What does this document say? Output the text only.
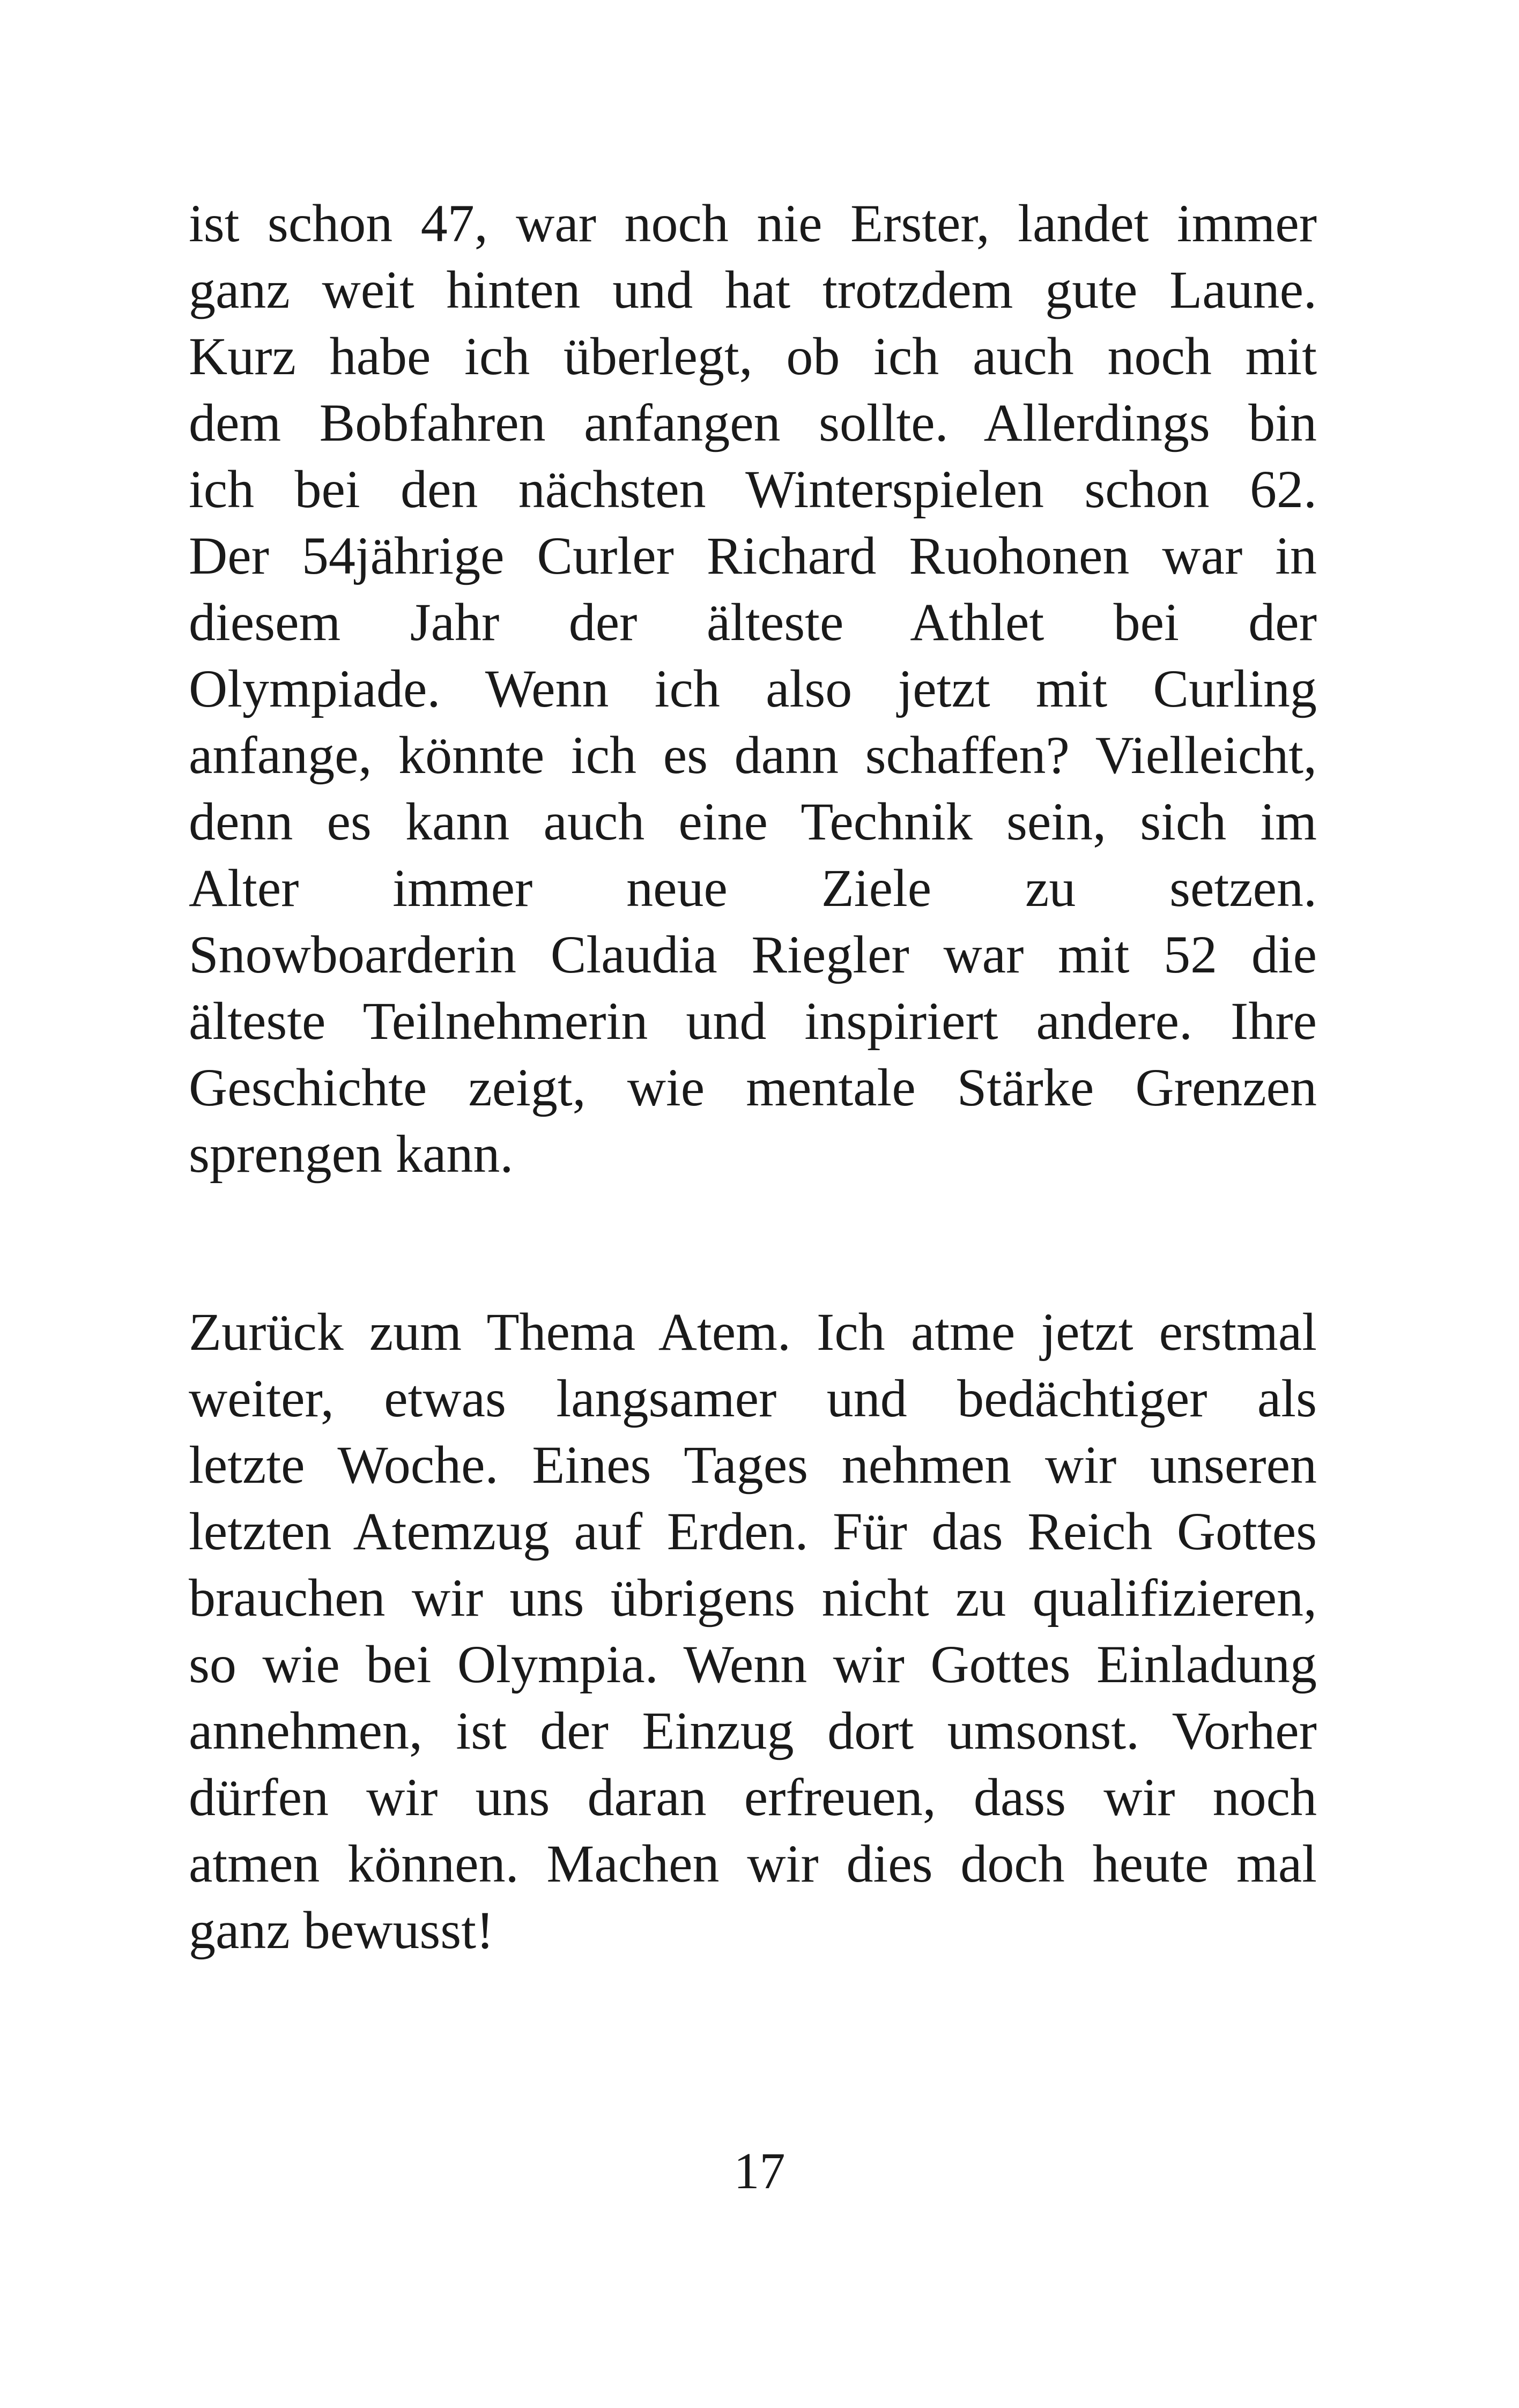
ist schon 47, war noch nie Erster, landet immer
ganz weit hinten und hat trotzdem gute Laune.
Kurz habe ich überlegt, ob ich auch noch mit
dem Bobfahren anfangen sollte. Allerdings bin
ich bei den nächsten Winterspielen schon 62.
Der 54jährige Curler Richard Ruohonen war in
diesem Jahr der älteste Athlet bei der
Olympiade. Wenn ich also jetzt mit Curling
anfange, könnte ich es dann schaffen? Vielleicht,
denn es kann auch eine Technik sein, sich im
Alter immer neue Ziele zu setzen.
Snowboarderin Claudia Riegler war mit 52 die
älteste Teilnehmerin und inspiriert andere. Ihre
Geschichte zeigt, wie mentale Stärke Grenzen
sprengen kann.
Zurück zum Thema Atem. Ich atme jetzt erstmal
weiter, etwas langsamer und bedächtiger als
letzte Woche. Eines Tages nehmen wir unseren
letzten Atemzug auf Erden. Für das Reich Gottes
brauchen wir uns übrigens nicht zu qualifizieren,
so wie bei Olympia. Wenn wir Gottes Einladung
annehmen, ist der Einzug dort umsonst. Vorher
dürfen wir uns daran erfreuen, dass wir noch
atmen können. Machen wir dies doch heute mal
ganz bewusst!
17
